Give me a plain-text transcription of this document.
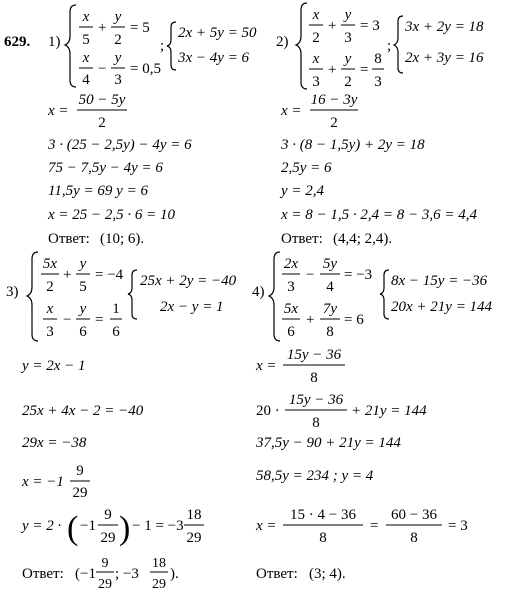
629. 1)
x
5
+
y
2
= 5
x
4
−
y
3
= 0,5
;
2x + 5y = 50
3x − 4y = 6
x =
50 − 5y
2
3 · (25 − 2,5y) − 4y = 6
75 − 7,5y − 4y = 6
11,5y = 69 y = 6
x = 25 − 2,5 · 6 = 10
Ответ: (10; 6).
2)
x
2
+
y
3
= 3
x
3
+
y
2
=
8
3
;
3x + 2y = 18
2x + 3y = 16
x =
16 − 3y
2
3 · (8 − 1,5y) + 2y = 18
2,5y = 6
y = 2,4
x = 8 − 1,5 · 2,4 = 8 − 3,6 = 4,4
Ответ: (4,4; 2,4).
3)
5x
2
+
y
5
= −4
x
3
−
y
6
=
1
6
25x + 2y = −40
2x − y = 1
y = 2x − 1
25x + 4x − 2 = −40
29x = −38
x = −1
9
29
y = 2 · ( −1
9
29 ) − 1 = −3
18
29
Ответ: (−1
9
29
; −3
18
29
).
4)
2x
3
−
5y
4
= −3
5x
6
+
7y
8
= 6
8x − 15y = −36
20x + 21y = 144
x =
15y − 36
8
20 ·
15y − 36
8
+ 21y = 144
37,5y − 90 + 21y = 144
58,5y = 234 ; y = 4
x =
15 · 4 − 36
8
=
60 − 36
8
= 3
Ответ: (3; 4).
